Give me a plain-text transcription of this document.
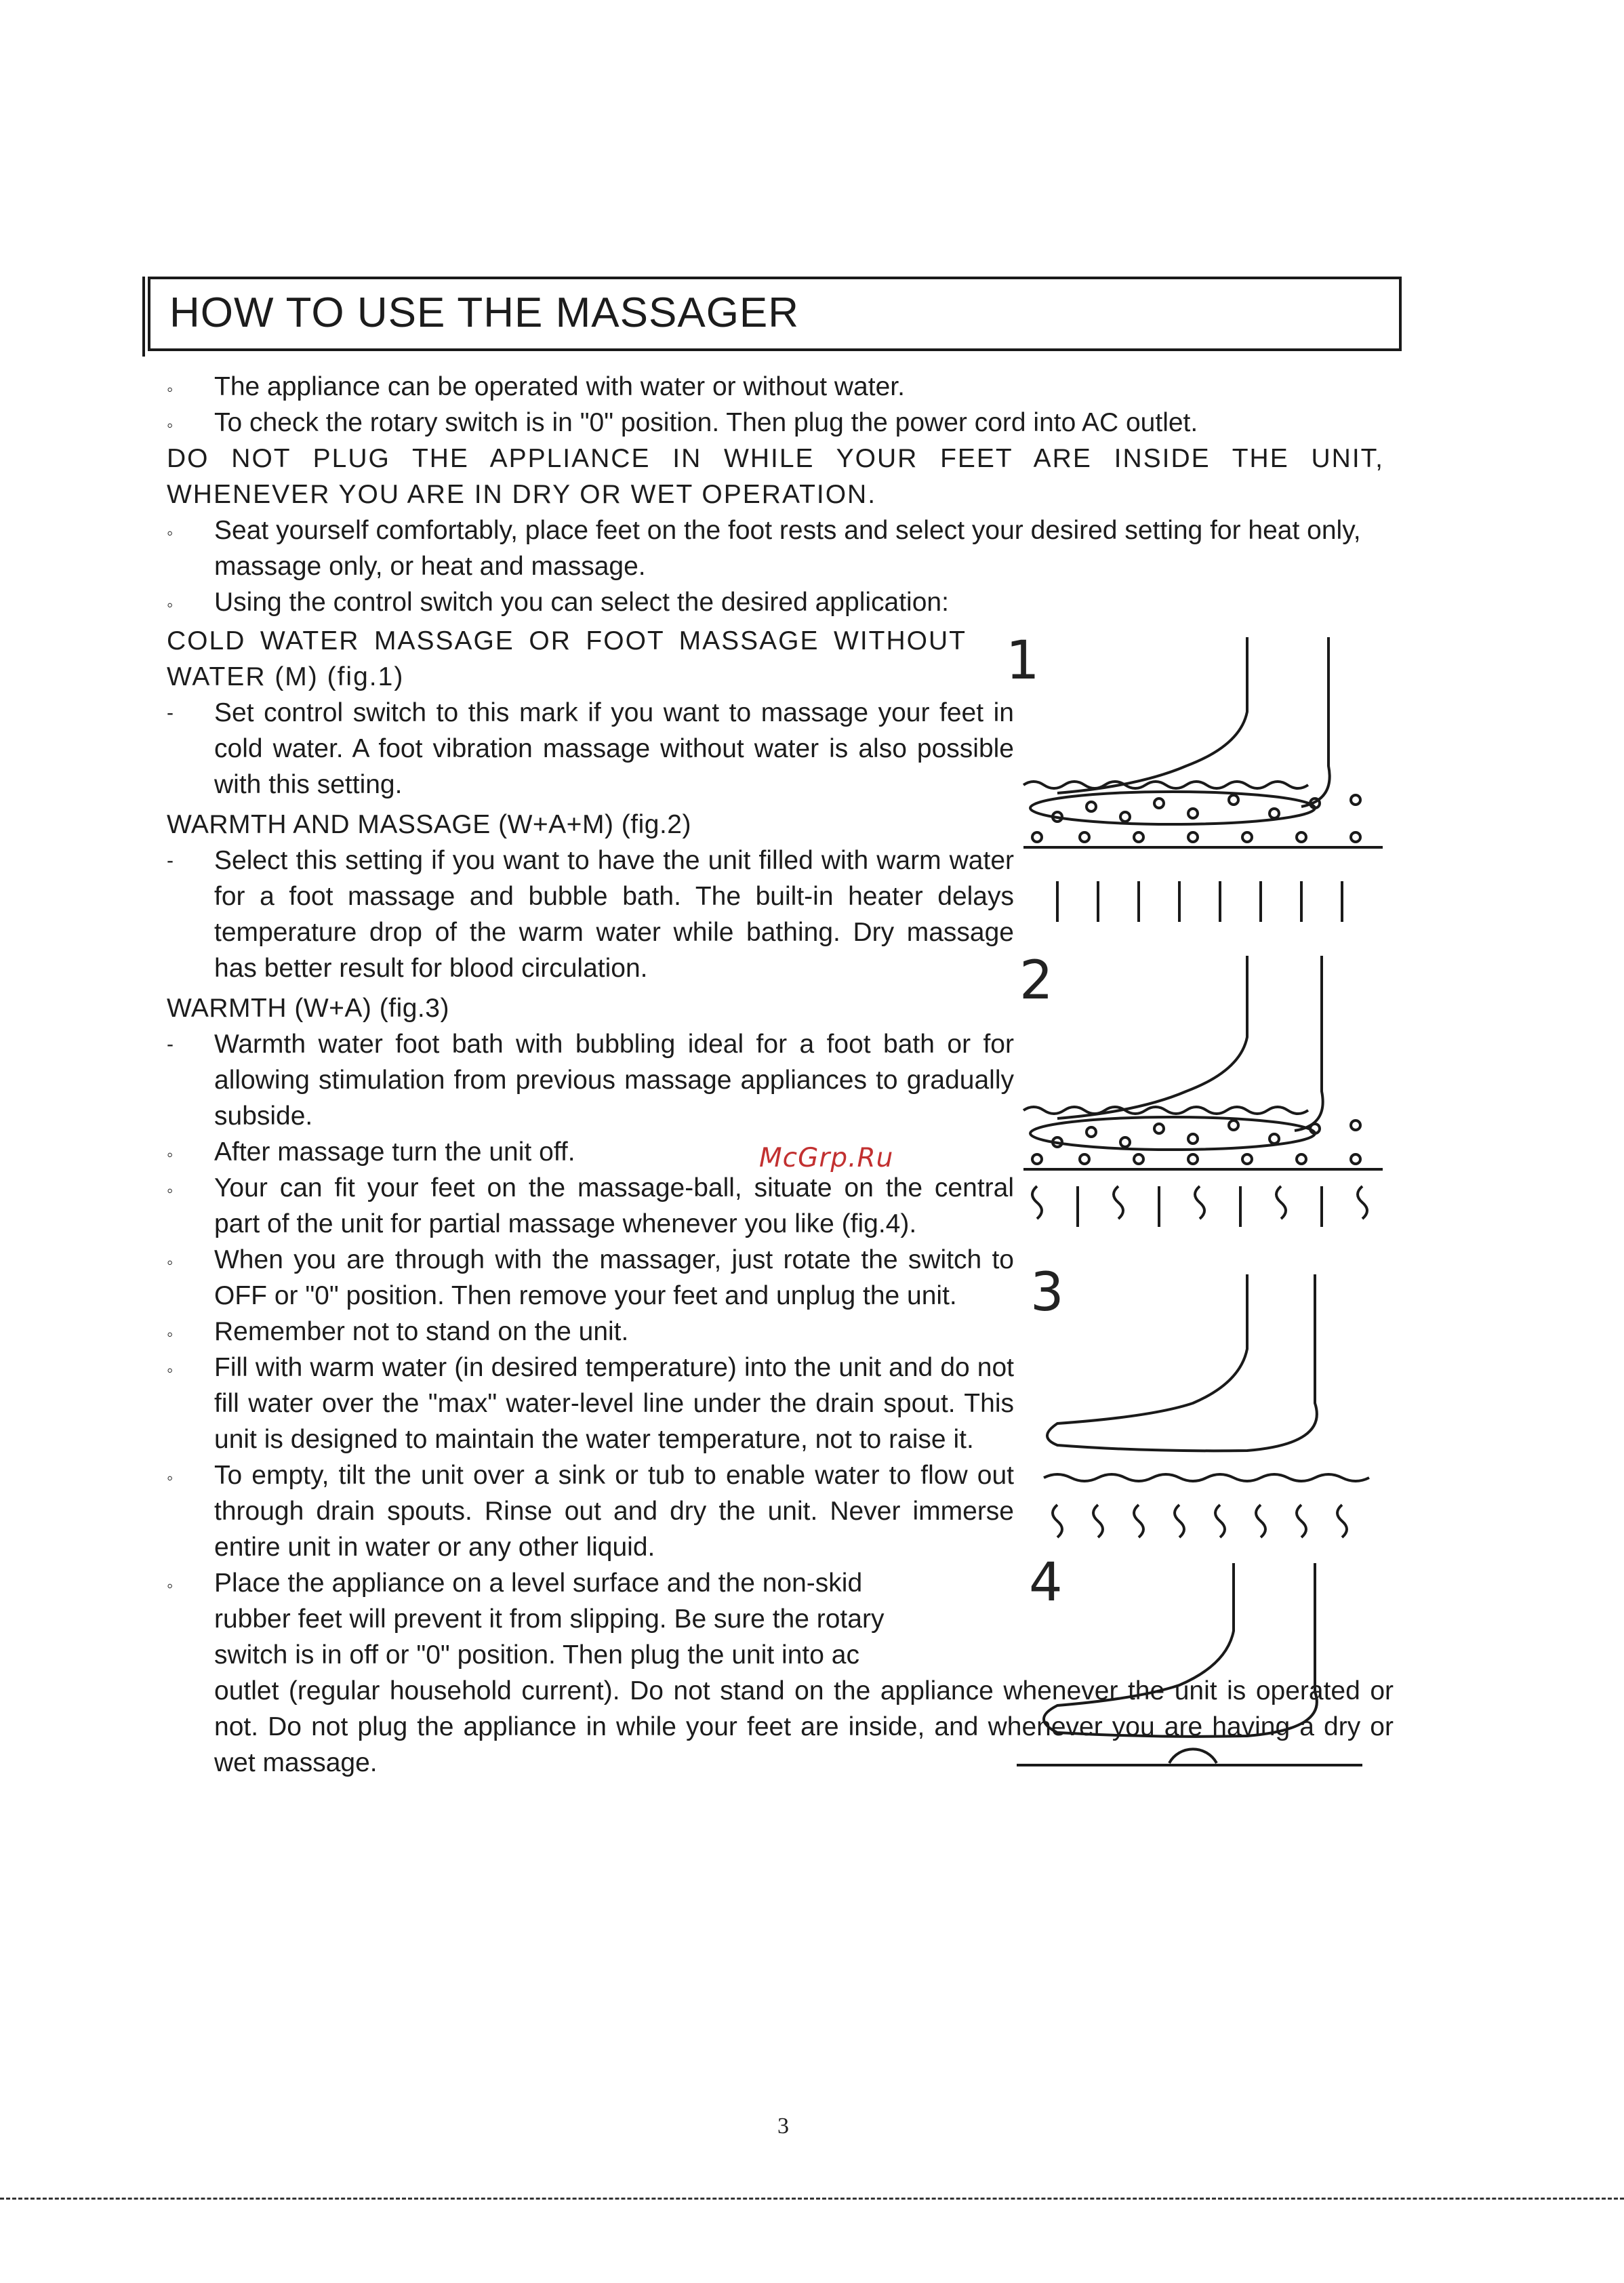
HOW TO USE THE MASSAGER
◦	The appliance can be operated with water or without water.
◦	To check the rotary switch is in "0" position. Then plug the power cord into AC outlet.
DO NOT PLUG THE APPLIANCE IN WHILE YOUR FEET ARE INSIDE THE UNIT, WHENEVER YOU ARE IN DRY OR WET OPERATION.
◦	Seat yourself comfortably, place feet on the foot rests and select your desired setting for heat only, massage only, or heat and massage.
◦	Using the control switch you can select the desired application:
COLD WATER MASSAGE OR FOOT MASSAGE WITHOUT WATER (M) (fig.1)
-	Set control switch to this mark if you want to massage your feet in cold water. A foot vibration massage without water is also possible with this setting.
WARMTH AND MASSAGE (W+A+M) (fig.2)
-	Select this setting if you want to have the unit filled with warm water for a foot massage and bubble bath. The built-in heater delays temperature drop of the warm water while bathing. Dry massage has better result for blood circulation.
WARMTH (W+A) (fig.3)
-	Warmth water foot bath with bubbling ideal for a foot bath or for allowing stimulation from previous massage appliances to gradually subside.
◦	After massage turn the unit off.
◦	Your can fit your feet on the massage-ball, situate on the central part of the unit for partial massage whenever you like (fig.4).
◦	When you are through with the massager, just rotate the switch to OFF or "0" position. Then remove your feet and unplug the unit.
◦	Remember not to stand on the unit.
◦	Fill with warm water (in desired temperature) into the unit and do not fill water over the "max" water-level line under the drain spout. This unit is designed to maintain the water temperature, not to raise it.
◦	To empty, tilt the unit over a sink or tub to enable water to flow out through drain spouts. Rinse out and dry the unit. Never immerse entire unit in water or any other liquid.
◦	Place the appliance on a level surface and the non-skid
rubber feet will prevent it from slipping. Be sure the rotary
switch is in off or "0" position. Then plug the unit into ac
outlet (regular household current). Do not stand on the appliance whenever the unit is operated or not. Do not plug the appliance in while your feet are inside, and whenever you are having a dry or wet massage.
1
2
3
4
McGrp.Ru
3
